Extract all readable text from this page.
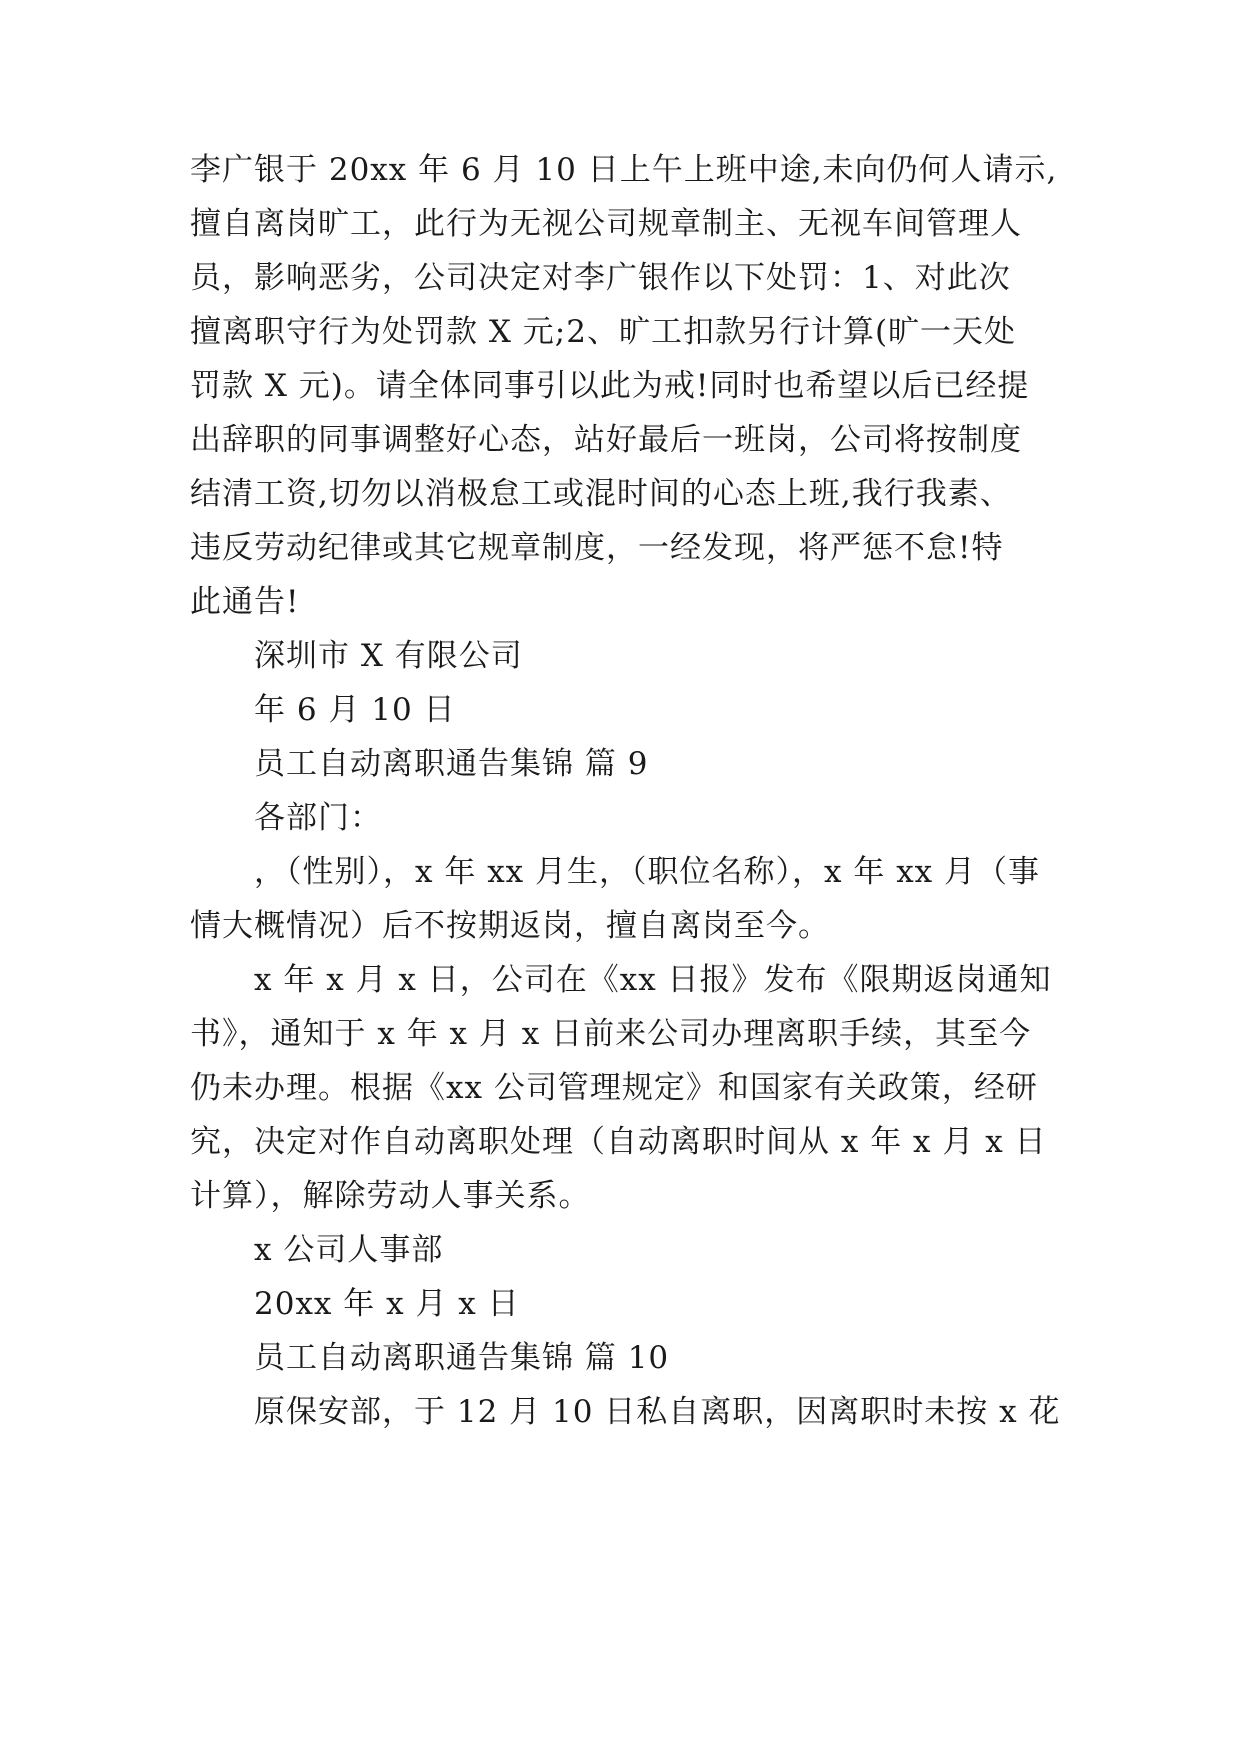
李广银于 20xx 年 6 月 10 日上午上班中途,未向仍何人请示,
擅自离岗旷工，此行为无视公司规章制主、无视车间管理人
员，影响恶劣，公司决定对李广银作以下处罚：1、对此次
擅离职守行为处罚款 X 元;2、旷工扣款另行计算(旷一天处
罚款 X 元)。请全体同事引以此为戒!同时也希望以后已经提
出辞职的同事调整好心态，站好最后一班岗，公司将按制度
结清工资,切勿以消极怠工或混时间的心态上班,我行我素、
违反劳动纪律或其它规章制度，一经发现，将严惩不怠!特
此通告!
深圳市 X 有限公司
年 6 月 10 日
员工自动离职通告集锦 篇 9
各部门：
，（性别），x 年 xx 月生，（职位名称），x 年 xx 月（事
情大概情况）后不按期返岗，擅自离岗至今。
x 年 x 月 x 日，公司在《xx 日报》发布《限期返岗通知
书》，通知于 x 年 x 月 x 日前来公司办理离职手续，其至今
仍未办理。根据《xx 公司管理规定》和国家有关政策，经研
究，决定对作自动离职处理（自动离职时间从 x 年 x 月 x 日
计算），解除劳动人事关系。
x 公司人事部
20xx 年 x 月 x 日
员工自动离职通告集锦 篇 10
原保安部，于 12 月 10 日私自离职，因离职时未按 x 花
